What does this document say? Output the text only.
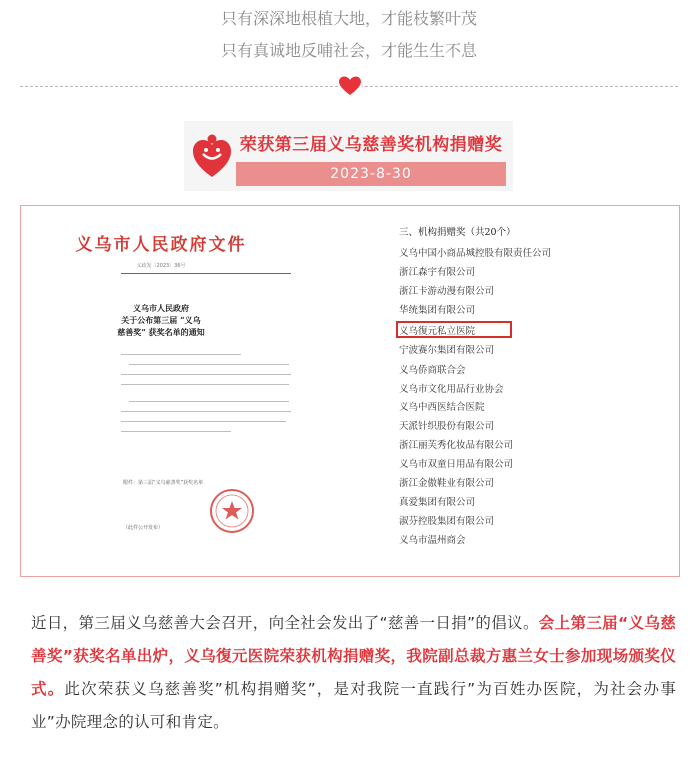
只有深深地根植大地，才能枝繁叶茂
只有真诚地反哺社会，才能生生不息
荣获第三届义乌慈善奖机构捐赠奖
2023-8-30
义乌市人民政府文件
义政发〔2023〕36号
义乌市人民政府
关于公布第三届 “义乌
慈善奖” 获奖名单的通知
附件：第三届“义乌慈善奖”获奖名单
（此件公开发布）
三、机构捐赠奖（共20个）
义乌中国小商品城控股有限责任公司
浙江森宇有限公司
浙江卡游动漫有限公司
华统集团有限公司
义乌復元私立医院
宁波赛尔集团有限公司
义乌侨商联合会
义乌市文化用品行业协会
义乌中西医结合医院
天派针织股份有限公司
浙江丽芙秀化妆品有限公司
义乌市双童日用品有限公司
浙江金傲鞋业有限公司
真爱集团有限公司
淑芬控股集团有限公司
义乌市温州商会
近日，第三届义乌慈善大会召开，向全社会发出了“慈善一日捐”的倡议。会上第三届“义乌慈善奖”获奖名单出炉，义乌復元医院荣获机构捐赠奖，我院副总裁方惠兰女士参加现场颁奖仪式。此次荣获义乌慈善奖”机构捐赠奖”，是对我院一直践行”为百姓办医院，为社会办事业”办院理念的认可和肯定。
